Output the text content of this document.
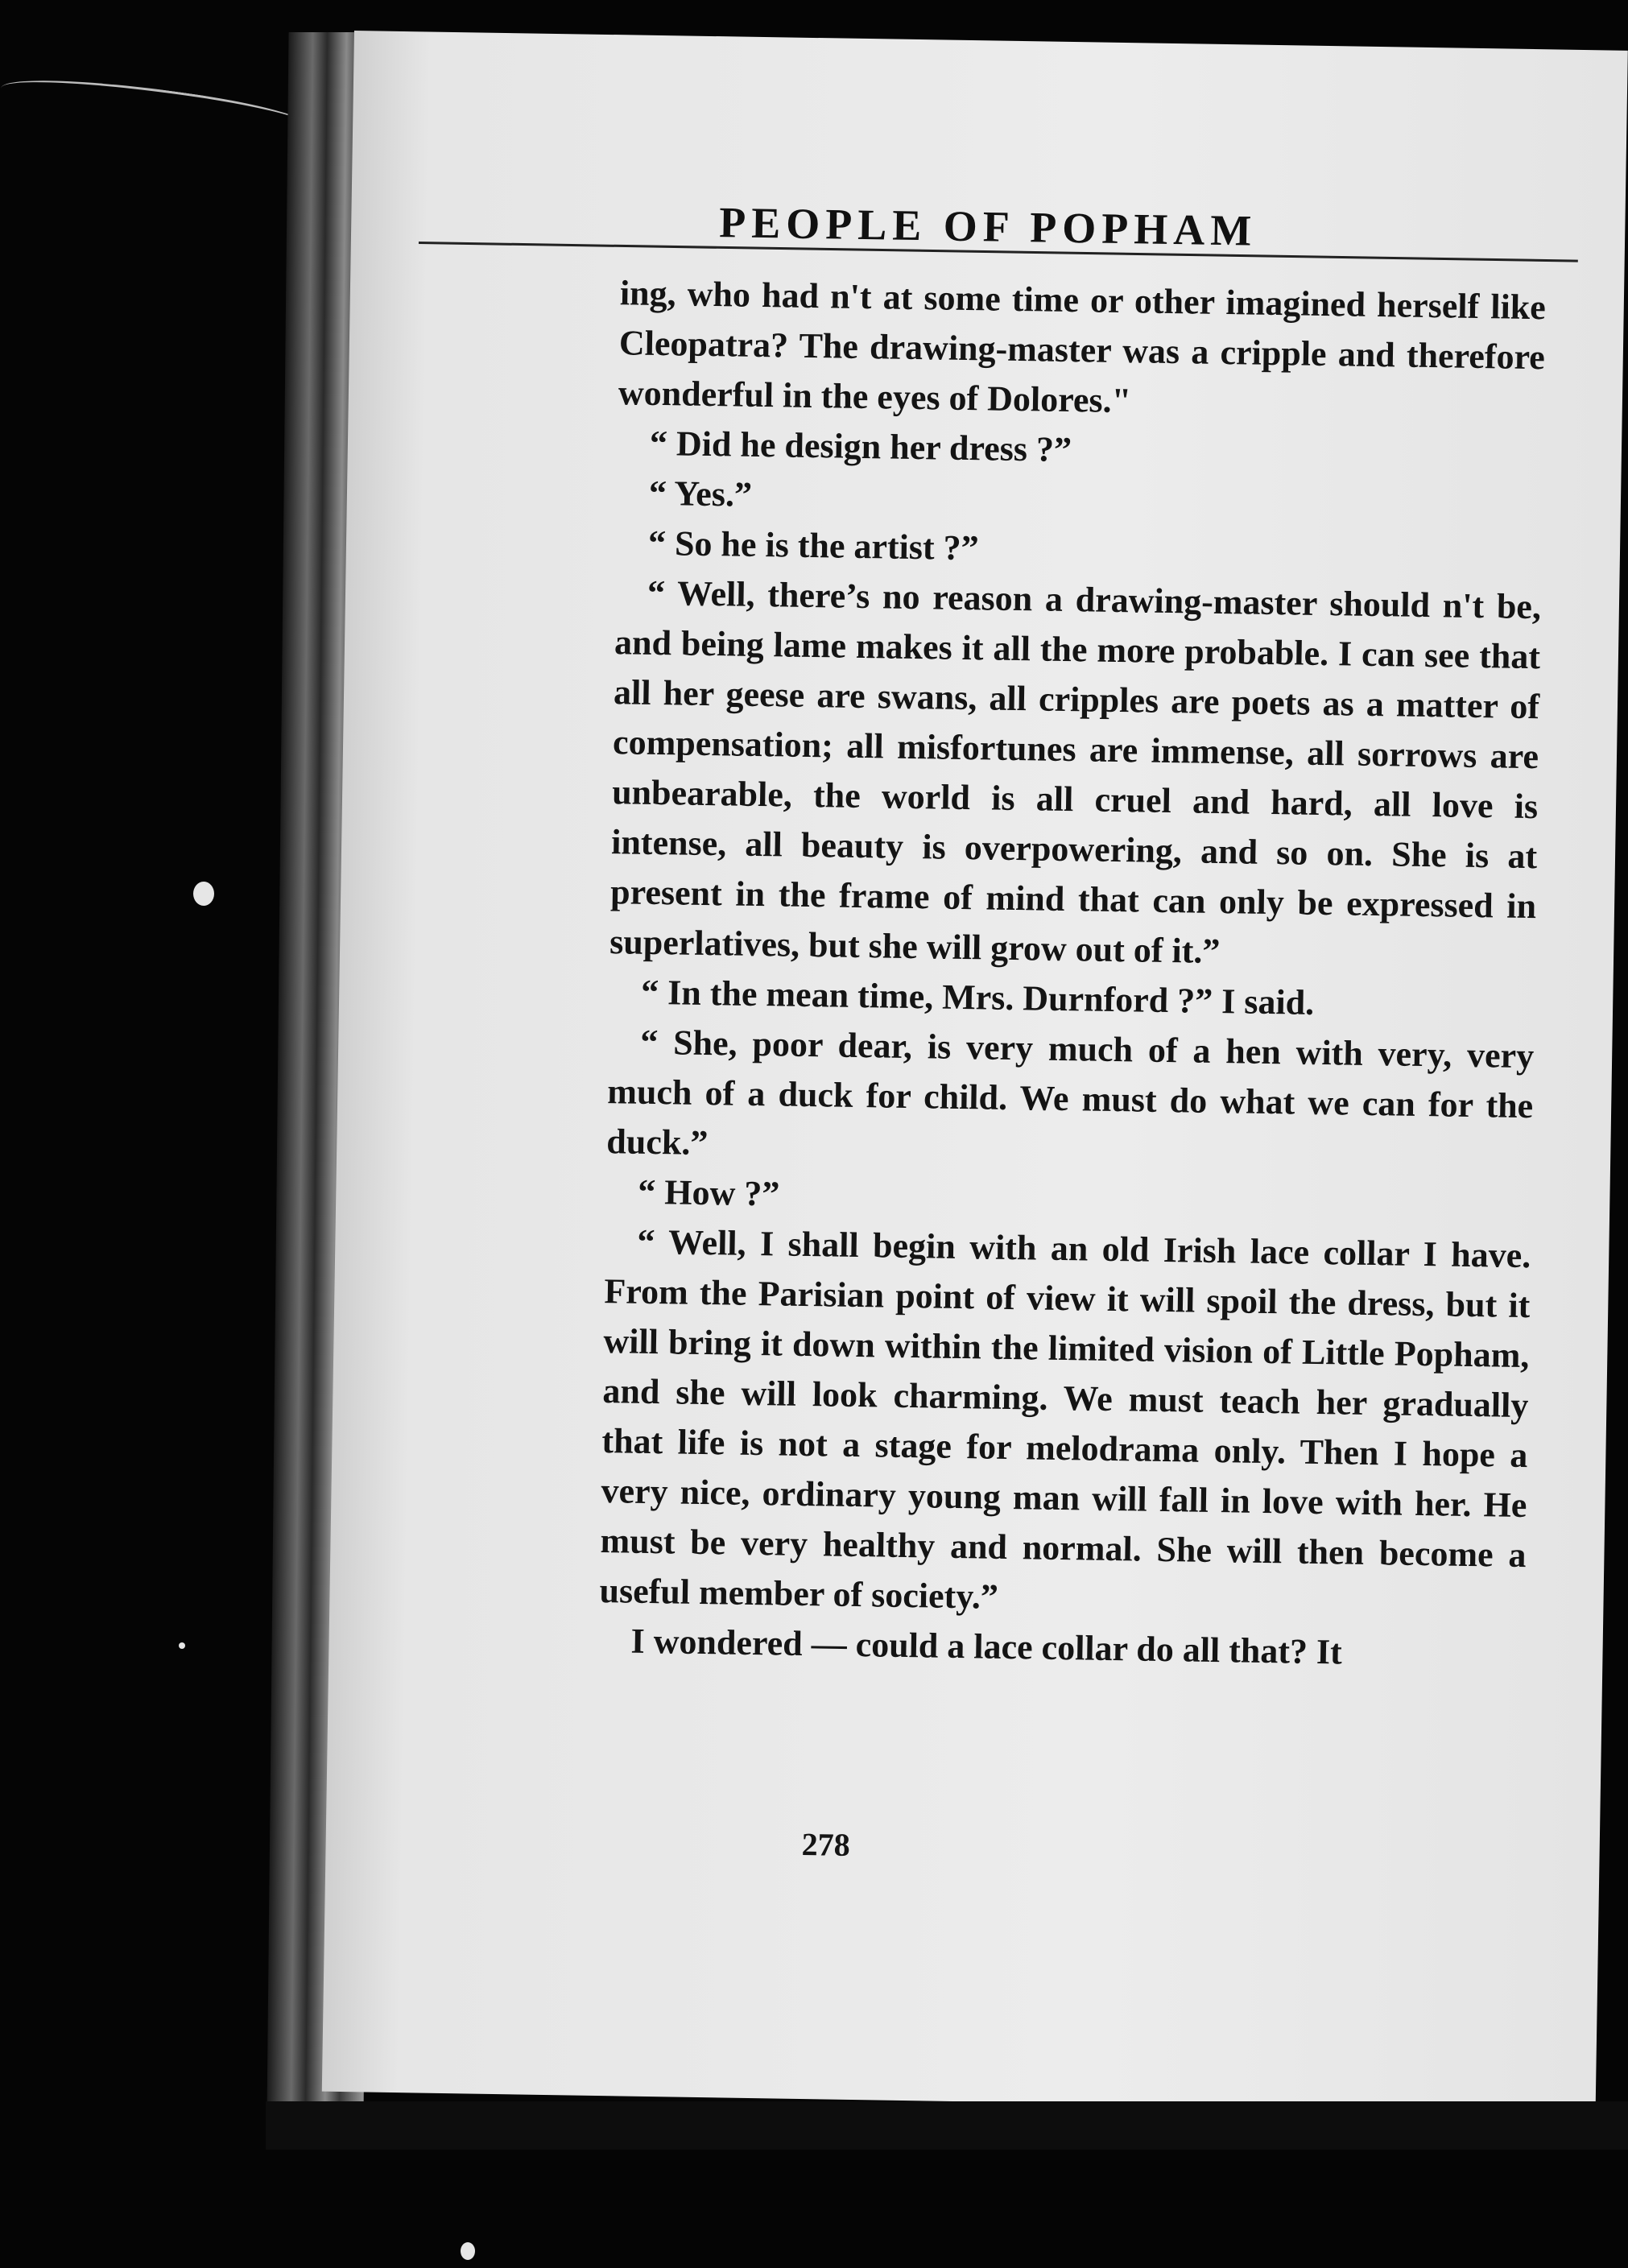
PEOPLE OF POPHAM

ing, who had n't at some time or other imagined herself like Cleopatra? The drawing-master was a cripple and therefore wonderful in the eyes of Dolores."

“ Did he design her dress ?”

“ Yes.”

“ So he is the artist ?”

“ Well, there’s no reason a drawing-master should n't be, and being lame makes it all the more probable. I can see that all her geese are swans, all cripples are poets as a matter of compensation; all misfortunes are immense, all sorrows are unbearable, the world is all cruel and hard, all love is intense, all beauty is overpowering, and so on. She is at present in the frame of mind that can only be expressed in superlatives, but she will grow out of it.”

“ In the mean time, Mrs. Durnford ?” I said.

“ She, poor dear, is very much of a hen with very, very much of a duck for child. We must do what we can for the duck.”

“ How ?”

“ Well, I shall begin with an old Irish lace collar I have. From the Parisian point of view it will spoil the dress, but it will bring it down within the limited vision of Little Popham, and she will look charming. We must teach her gradually that life is not a stage for melodrama only. Then I hope a very nice, ordinary young man will fall in love with her. He must be very healthy and normal. She will then become a useful member of society.”

I wondered — could a lace collar do all that? It

278
